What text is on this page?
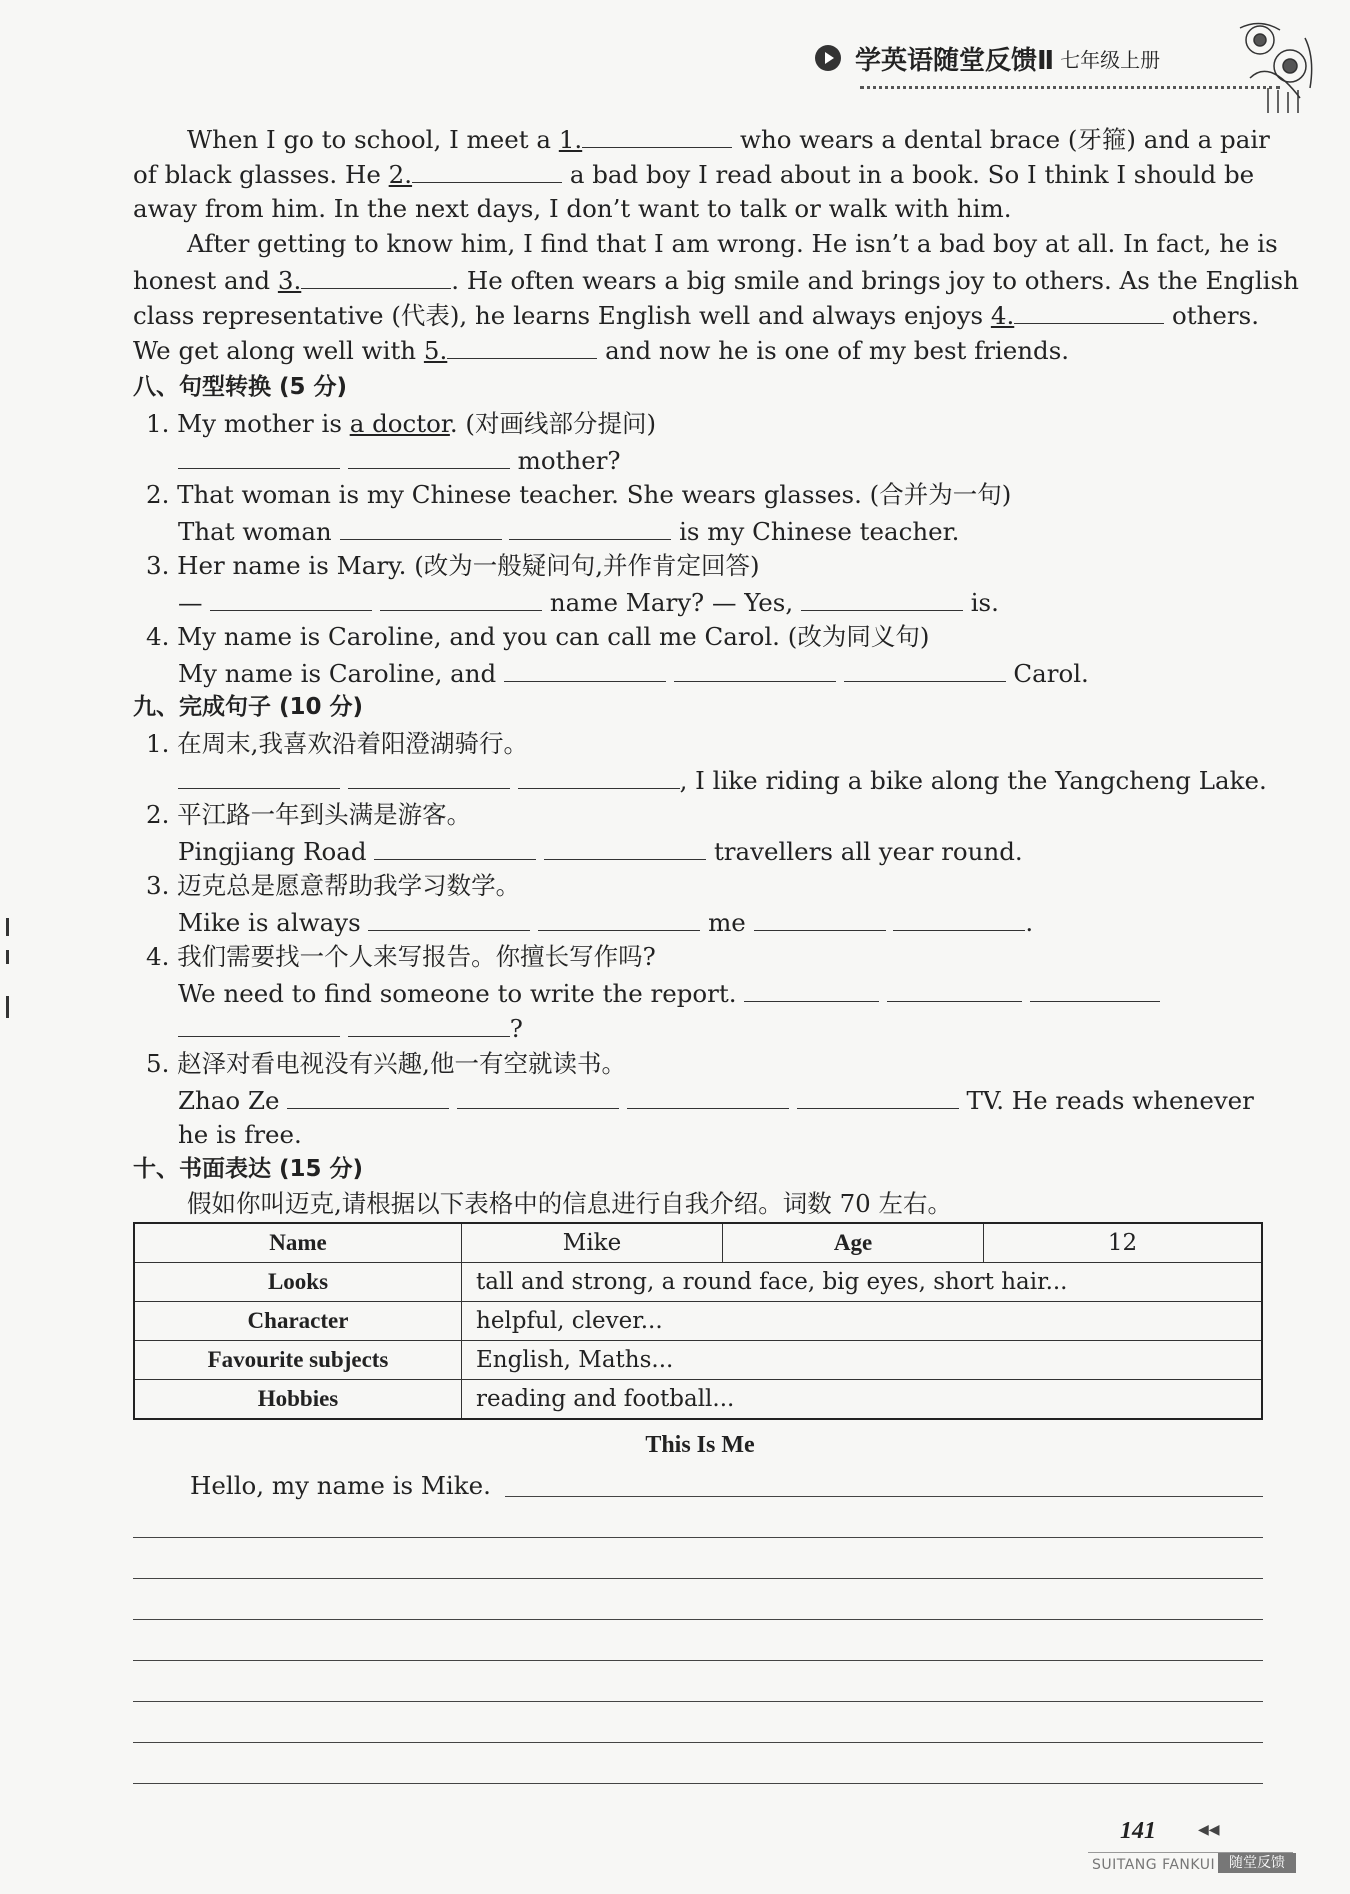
学英语随堂反馈Ⅱ 七年级上册
When I go to school, I meet a 1.	who wears a dental brace (牙箍) and a pair
of black glasses. He 2.	a bad boy I read about in a book. So I think I should be
away from him. In the next days, I don’t want to talk or walk with him.
After getting to know him, I find that I am wrong. He isn’t a bad boy at all. In fact, he is
honest and 3.	. He often wears a big smile and brings joy to others. As the English
class representative (代表), he learns English well and always enjoys 4.	others.
We get along well with 5.	and now he is one of my best friends.
八、句型转换 (5 分)
1. My mother is a doctor. (对画线部分提问)
mother?
2. That woman is my Chinese teacher. She wears glasses. (合并为一句)
That woman	is my Chinese teacher.
3. Her name is Mary. (改为一般疑问句,并作肯定回答)
—	name Mary? — Yes,	is.
4. My name is Caroline, and you can call me Carol. (改为同义句)
My name is Caroline, and	Carol.
九、完成句子 (10 分)
1. 在周末,我喜欢沿着阳澄湖骑行。
, I like riding a bike along the Yangcheng Lake.
2. 平江路一年到头满是游客。
Pingjiang Road	travellers all year round.
3. 迈克总是愿意帮助我学习数学。
Mike is always	me	.
4. 我们需要找一个人来写报告。你擅长写作吗?
We need to find someone to write the report.
?
5. 赵泽对看电视没有兴趣,他一有空就读书。
Zhao Ze	TV. He reads whenever
he is free.
十、书面表达 (15 分)
假如你叫迈克,请根据以下表格中的信息进行自我介绍。词数 70 左右。
Name	Mike	Age	12
Looks	tall and strong, a round face, big eyes, short hair...		
Character	helpful, clever...		
Favourite subjects	English, Maths...		
Hobbies	reading and football...		
This Is Me
Hello, my name is Mike.
141	◀◀
SUITANG FANKUI 随堂反馈
